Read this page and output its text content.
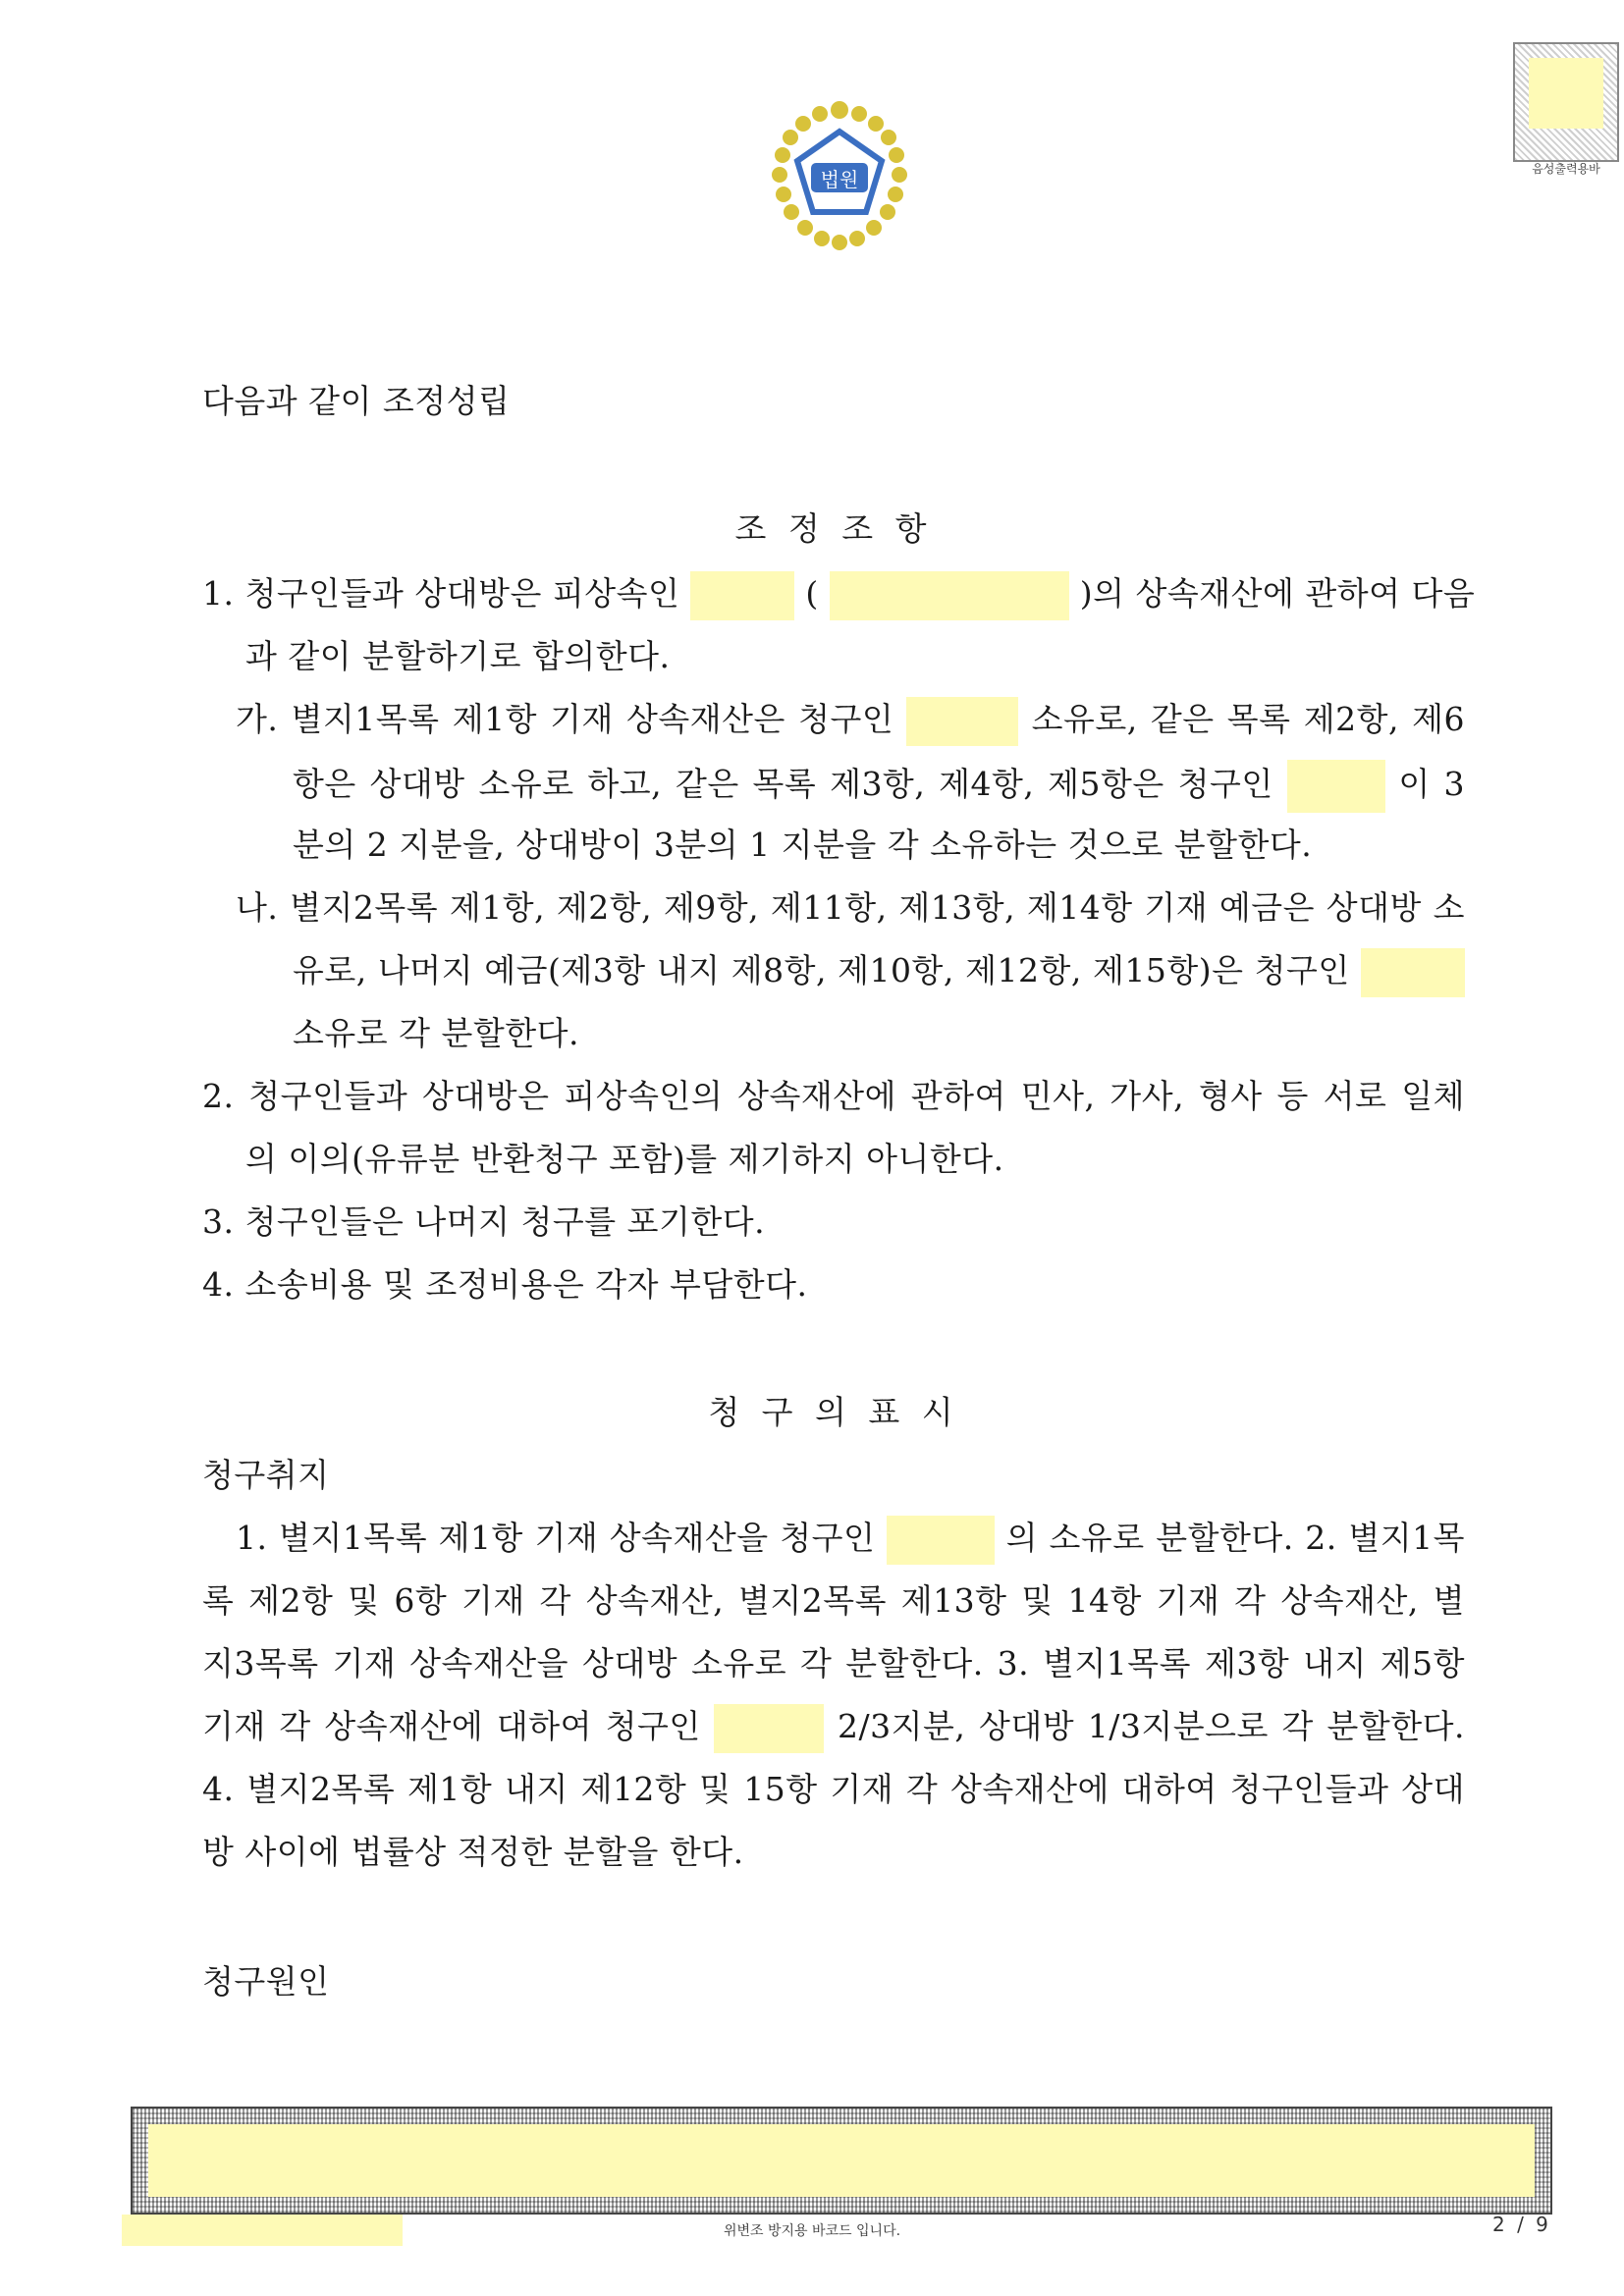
법원	음성출력용바
다음과 같이 조정성립
조 정 조 항
1. 청구인들과 상대방은 피상속인	(	)의 상속재산에 관하여 다음
과 같이 분할하기로 합의한다.
가. 별지1목록 제1항 기재 상속재산은 청구인	소유로, 같은 목록 제2항, 제6
항은 상대방 소유로 하고, 같은 목록 제3항, 제4항, 제5항은 청구인	이 3
분의 2 지분을, 상대방이 3분의 1 지분을 각 소유하는 것으로 분할한다.
나. 별지2목록 제1항, 제2항, 제9항, 제11항, 제13항, 제14항 기재 예금은 상대방 소
유로, 나머지 예금(제3항 내지 제8항, 제10항, 제12항, 제15항)은 청구인
소유로 각 분할한다.
2. 청구인들과 상대방은 피상속인의 상속재산에 관하여 민사, 가사, 형사 등 서로 일체
의 이의(유류분 반환청구 포함)를 제기하지 아니한다.
3. 청구인들은 나머지 청구를 포기한다.
4. 소송비용 및 조정비용은 각자 부담한다.
청 구 의 표 시
청구취지
1. 별지1목록 제1항 기재 상속재산을 청구인	의 소유로 분할한다. 2. 별지1목
록 제2항 및 6항 기재 각 상속재산, 별지2목록 제13항 및 14항 기재 각 상속재산, 별
지3목록 기재 상속재산을 상대방 소유로 각 분할한다. 3. 별지1목록 제3항 내지 제5항
기재 각 상속재산에 대하여 청구인	2/3지분, 상대방 1/3지분으로 각 분할한다.
4. 별지2목록 제1항 내지 제12항 및 15항 기재 각 상속재산에 대하여 청구인들과 상대
방 사이에 법률상 적정한 분할을 한다.
청구원인
위변조 방지용 바코드 입니다.	2 / 9
